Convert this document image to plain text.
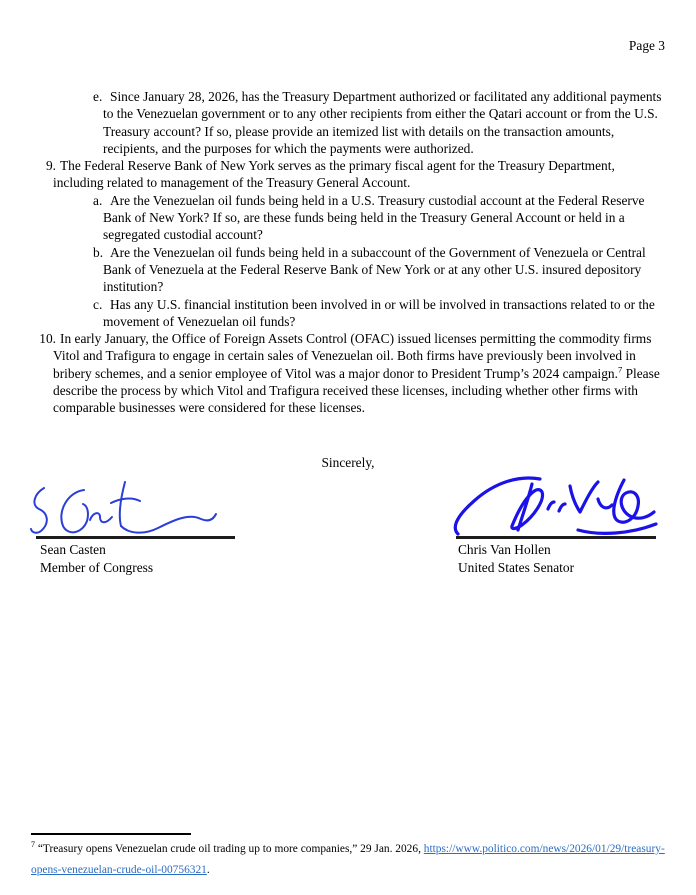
Page 3
e. Since January 28, 2026, has the Treasury Department authorized or facilitated any additional payments to the Venezuelan government or to any other recipients from either the Qatari account or from the U.S. Treasury account? If so, please provide an itemized list with details on the transaction amounts, recipients, and the purposes for which the payments were authorized.
9. The Federal Reserve Bank of New York serves as the primary fiscal agent for the Treasury Department, including related to management of the Treasury General Account.
a. Are the Venezuelan oil funds being held in a U.S. Treasury custodial account at the Federal Reserve Bank of New York? If so, are these funds being held in the Treasury General Account or held in a segregated custodial account?
b. Are the Venezuelan oil funds being held in a subaccount of the Government of Venezuela or Central Bank of Venezuela at the Federal Reserve Bank of New York or at any other U.S. insured depository institution?
c. Has any U.S. financial institution been involved in or will be involved in transactions related to or the movement of Venezuelan oil funds?
10. In early January, the Office of Foreign Assets Control (OFAC) issued licenses permitting the commodity firms Vitol and Trafigura to engage in certain sales of Venezuelan oil. Both firms have previously been involved in bribery schemes, and a senior employee of Vitol was a major donor to President Trump’s 2024 campaign.$^7$ Please describe the process by which Vitol and Trafigura received these licenses, including whether other firms with comparable businesses were considered for these licenses.
Sincerely,
Sean Casten
Member of Congress
Chris Van Hollen
United States Senator
$^7$ “Treasury opens Venezuelan crude oil trading up to more companies,” 29 Jan. 2026, https://www.politico.com/news/2026/01/29/treasury-opens-venezuelan-crude-oil-00756321.
